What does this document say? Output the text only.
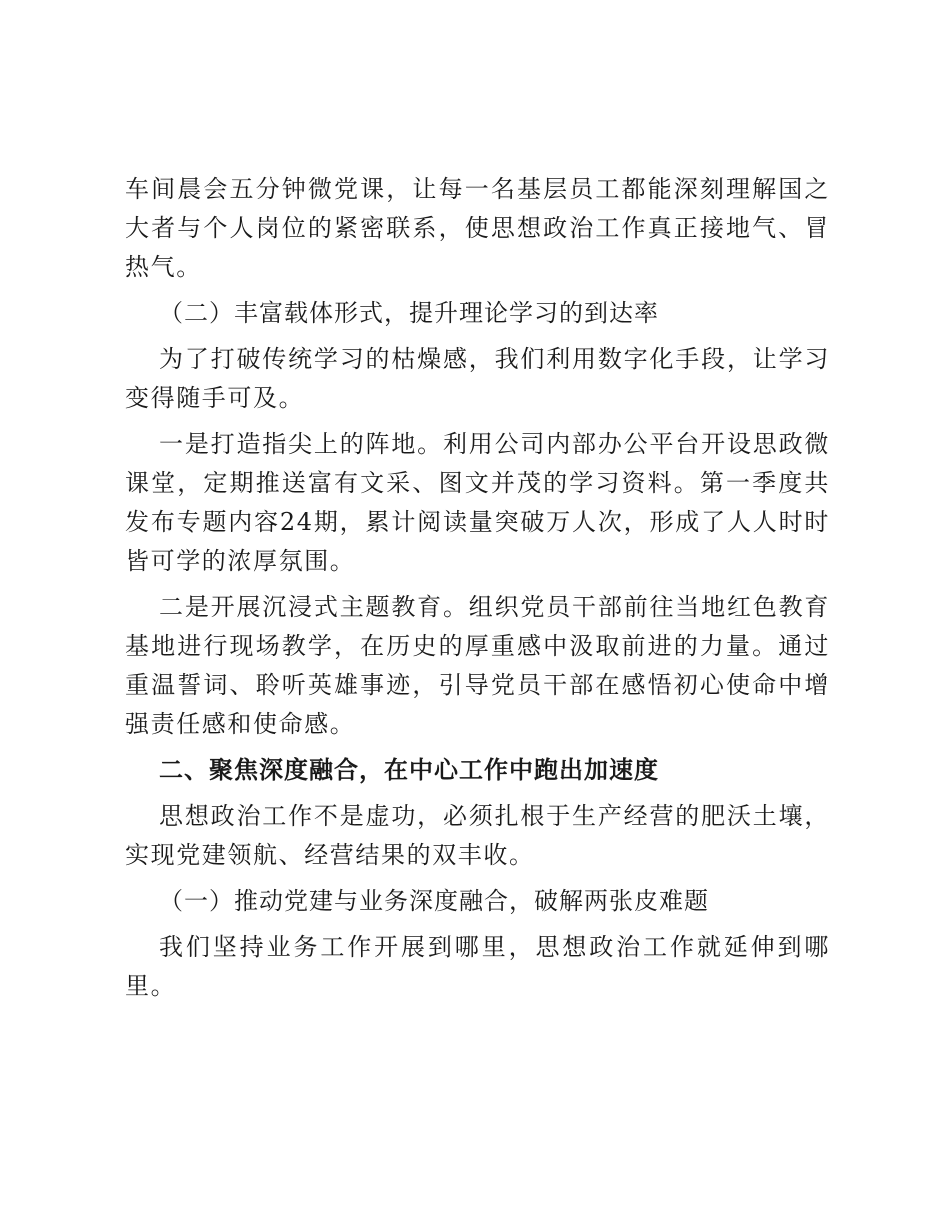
车间晨会五分钟微党课，让每一名基层员工都能深刻理解国之大者与个人岗位的紧密联系，使思想政治工作真正接地气、冒热气。

（二）丰富载体形式，提升理论学习的到达率

为了打破传统学习的枯燥感，我们利用数字化手段，让学习变得随手可及。

一是打造指尖上的阵地。利用公司内部办公平台开设思政微课堂，定期推送富有文采、图文并茂的学习资料。第一季度共发布专题内容24期，累计阅读量突破万人次，形成了人人时时皆可学的浓厚氛围。

二是开展沉浸式主题教育。组织党员干部前往当地红色教育基地进行现场教学，在历史的厚重感中汲取前进的力量。通过重温誓词、聆听英雄事迹，引导党员干部在感悟初心使命中增强责任感和使命感。

二、聚焦深度融合，在中心工作中跑出加速度

思想政治工作不是虚功，必须扎根于生产经营的肥沃土壤，实现党建领航、经营结果的双丰收。

（一）推动党建与业务深度融合，破解两张皮难题

我们坚持业务工作开展到哪里，思想政治工作就延伸到哪里。
